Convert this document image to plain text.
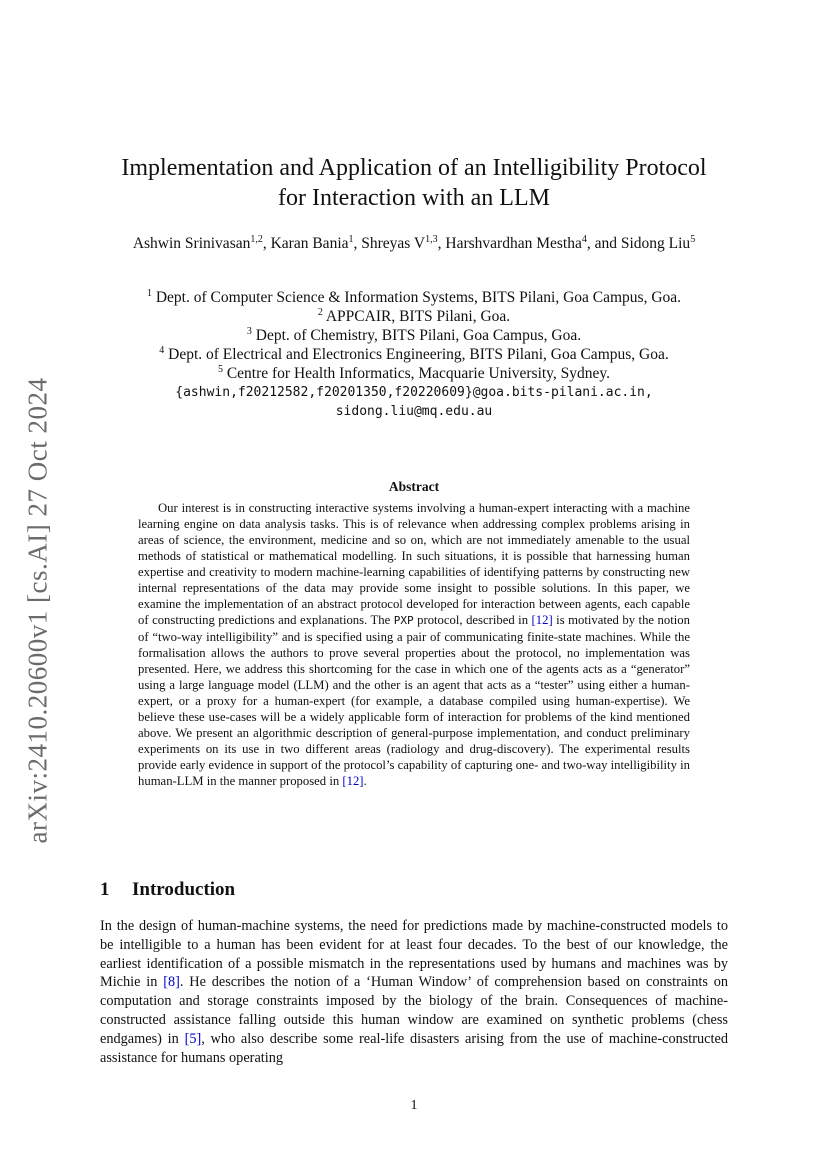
arXiv:2410.20600v1 [cs.AI] 27 Oct 2024
Implementation and Application of an Intelligibility Protocol
for Interaction with an LLM
Ashwin Srinivasan$^{1,2}$, Karan Bania$^1$, Shreyas V$^{1,3}$, Harshvardhan Mestha$^4$, and Sidong Liu$^5$
$^1$ Dept. of Computer Science & Information Systems, BITS Pilani, Goa Campus, Goa.
$^2$ APPCAIR, BITS Pilani, Goa.
$^3$ Dept. of Chemistry, BITS Pilani, Goa Campus, Goa.
$^4$ Dept. of Electrical and Electronics Engineering, BITS Pilani, Goa Campus, Goa.
$^5$ Centre for Health Informatics, Macquarie University, Sydney.
{ashwin,f20212582,f20201350,f20220609}@goa.bits-pilani.ac.in,
sidong.liu@mq.edu.au
Abstract

Our interest is in constructing interactive systems involving a human-expert interacting with a machine learning engine on data analysis tasks. This is of relevance when addressing complex problems arising in areas of science, the environment, medicine and so on, which are not immediately amenable to the usual methods of statistical or mathematical modelling. In such situations, it is possible that harnessing human expertise and creativity to modern machine-learning capabilities of identifying patterns by constructing new internal representations of the data may provide some insight to possible solutions. In this paper, we examine the implementation of an abstract protocol developed for interaction between agents, each capable of constructing predictions and explanations. The PXP protocol, described in [12] is motivated by the notion of “two-way intelligibility” and is specified using a pair of communicating finite-state machines. While the formalisation allows the authors to prove several properties about the protocol, no implementation was presented. Here, we address this shortcoming for the case in which one of the agents acts as a “generator” using a large language model (LLM) and the other is an agent that acts as a “tester” using either a human-expert, or a proxy for a human-expert (for example, a database compiled using human-expertise). We believe these use-cases will be a widely applicable form of interaction for problems of the kind mentioned above. We present an algorithmic description of general-purpose implementation, and conduct preliminary experiments on its use in two different areas (radiology and drug-discovery). The experimental results provide early evidence in support of the protocol’s capability of capturing one- and two-way intelligibility in human-LLM in the manner proposed in [12].

1 Introduction

In the design of human-machine systems, the need for predictions made by machine-constructed models to be intelligible to a human has been evident for at least four decades. To the best of our knowledge, the earliest identification of a possible mismatch in the representations used by humans and machines was by Michie in [8]. He describes the notion of a ‘Human Window’ of comprehension based on constraints on computation and storage constraints imposed by the biology of the brain. Consequences of machine-constructed assistance falling outside this human window are examined on synthetic problems (chess endgames) in [5], who also describe some real-life disasters arising from the use of machine-constructed assistance for humans operating

1
